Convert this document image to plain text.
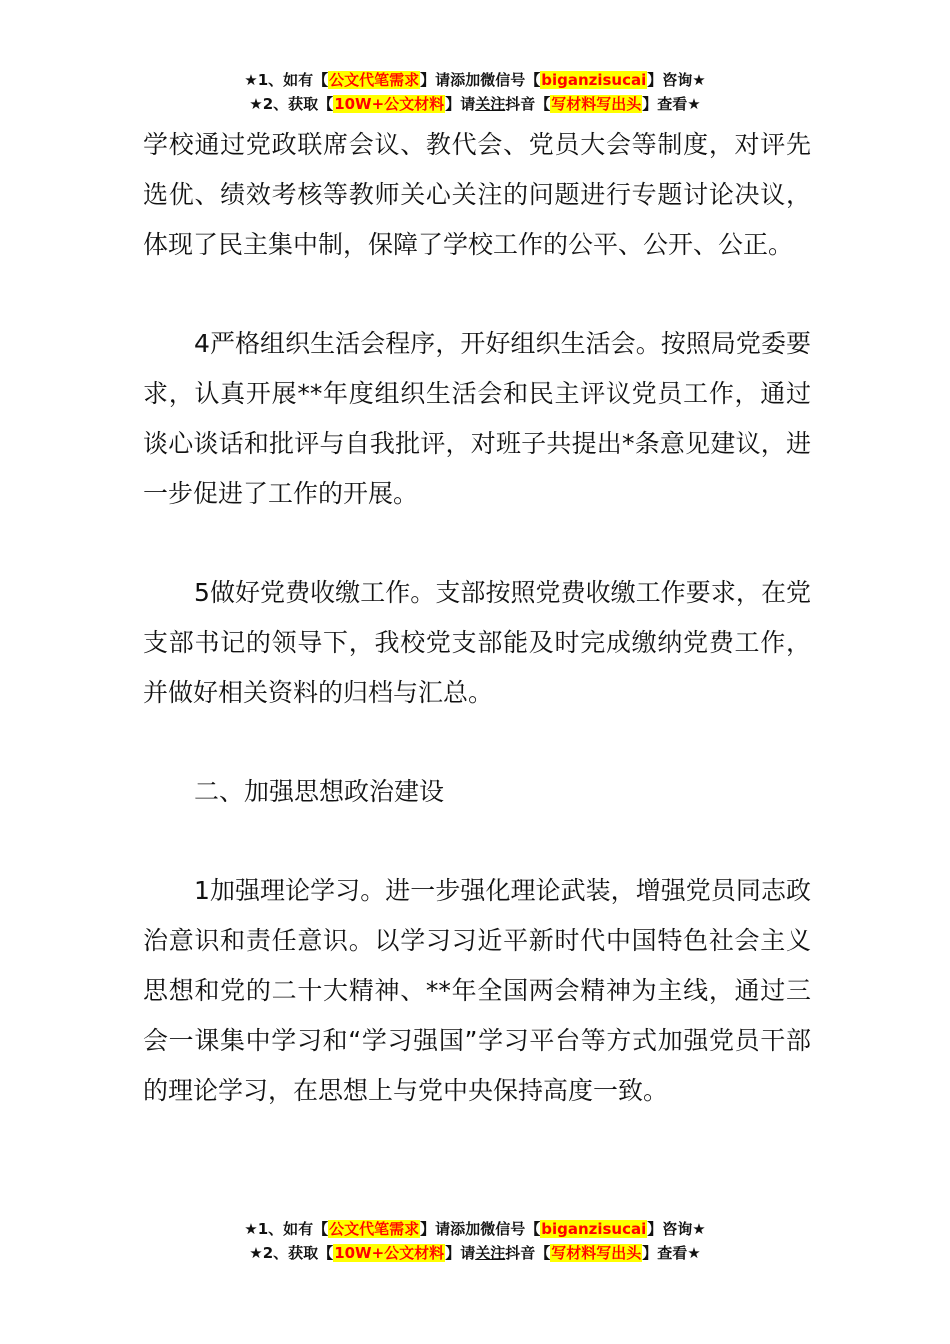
★1、如有【公文代笔需求】请添加微信号【biganzisucai】咨询★
★2、获取【10W+公文材料】请关注抖音【写材料写出头】查看★

学校通过党政联席会议、教代会、党员大会等制度，对评先选优、绩效考核等教师关心关注的问题进行专题讨论决议，体现了民主集中制，保障了学校工作的公平、公开、公正。

4严格组织生活会程序，开好组织生活会。按照局党委要求，认真开展**年度组织生活会和民主评议党员工作，通过谈心谈话和批评与自我批评，对班子共提出*条意见建议，进一步促进了工作的开展。

5做好党费收缴工作。支部按照党费收缴工作要求，在党支部书记的领导下，我校党支部能及时完成缴纳党费工作，并做好相关资料的归档与汇总。

二、加强思想政治建设

1加强理论学习。进一步强化理论武装，增强党员同志政治意识和责任意识。以学习习近平新时代中国特色社会主义思想和党的二十大精神、**年全国两会精神为主线，通过三会一课集中学习和“学习强国”学习平台等方式加强党员干部的理论学习，在思想上与党中央保持高度一致。

★1、如有【公文代笔需求】请添加微信号【biganzisucai】咨询★
★2、获取【10W+公文材料】请关注抖音【写材料写出头】查看★
